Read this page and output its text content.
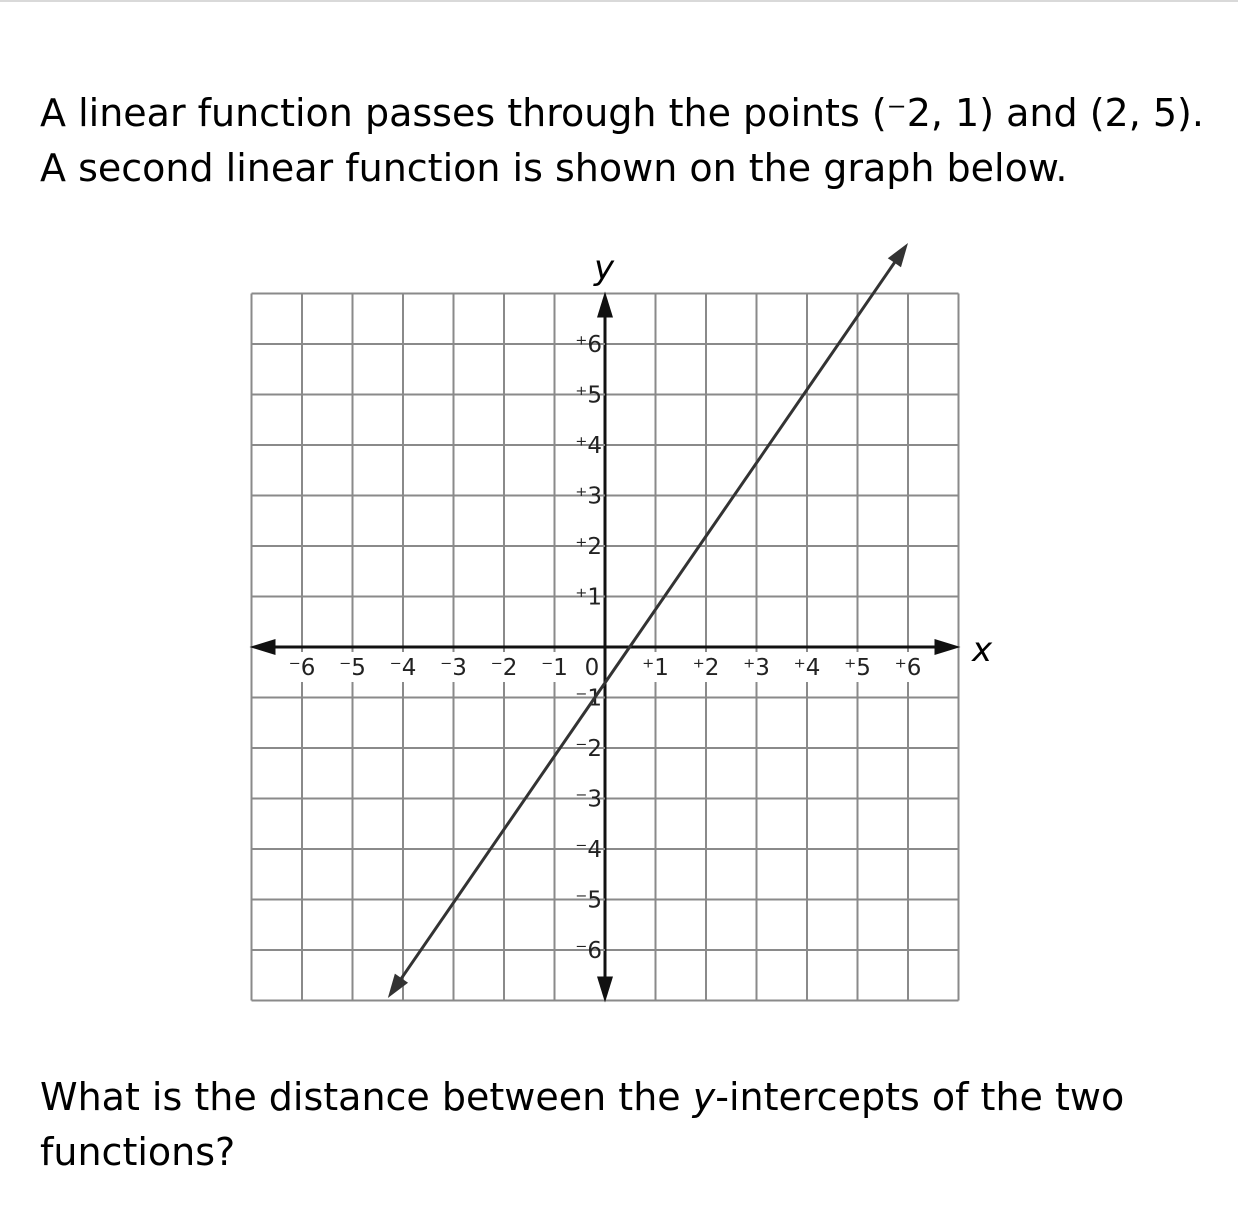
A linear function passes through the points (⁻2, 1) and (2, 5). A second linear function is shown on the graph below.

⁻6 ⁻5 ⁻4 ⁻3 ⁻2 ⁻1	⁺1 ⁺2 ⁺3 ⁺4 ⁺5 ⁺6
⁺6
⁺5
⁺4
⁺3
⁺2
⁺1
⁻1
⁻2
⁻3
⁻4
⁻5
⁻6
0
y
x

What is the distance between the y-intercepts of the two functions?
